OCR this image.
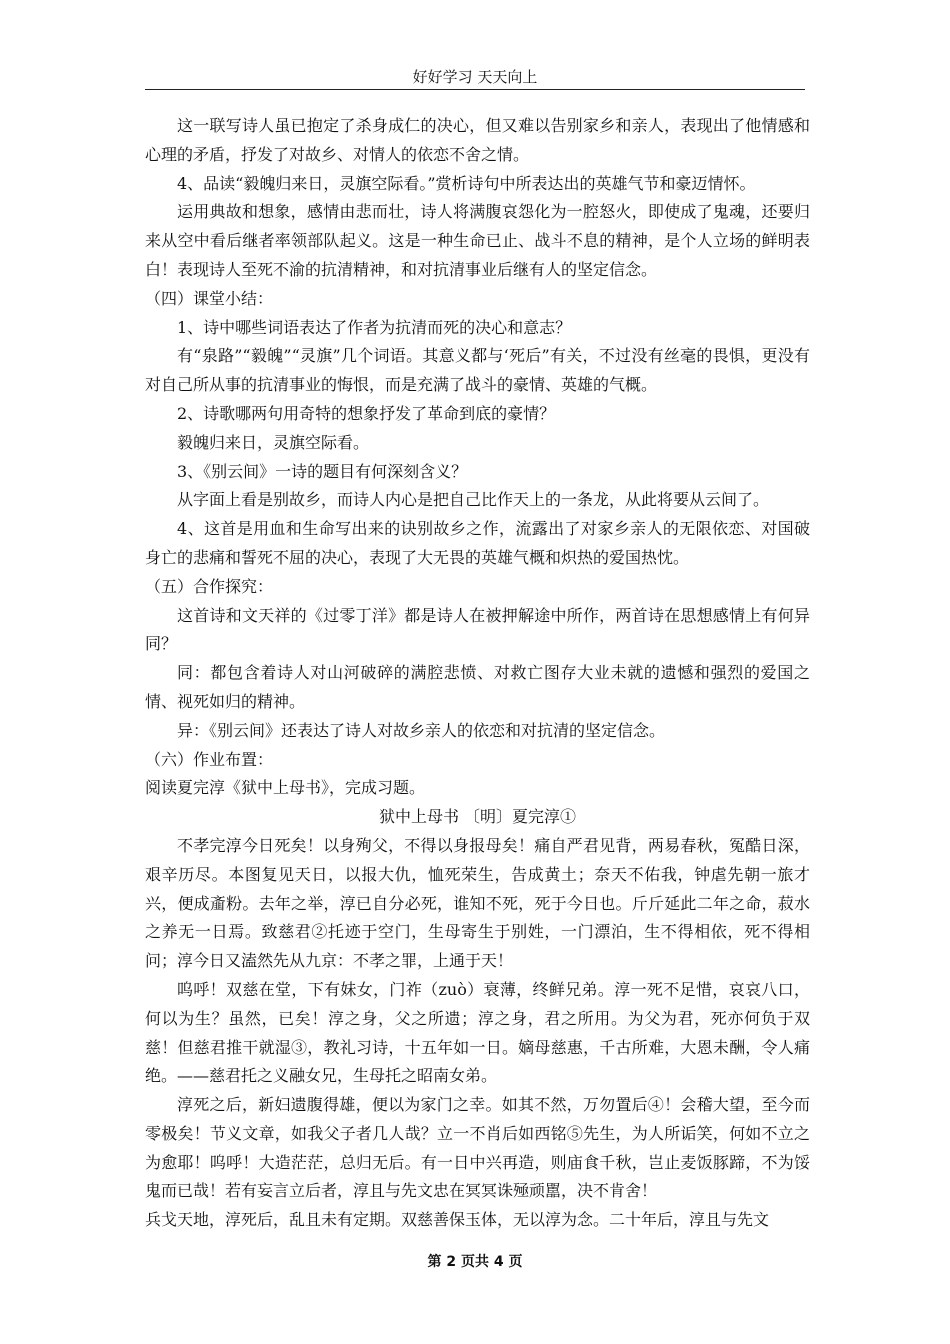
好好学习 天天向上

这一联写诗人虽已抱定了杀身成仁的决心，但又难以告别家乡和亲人，表现出了他情感和心理的矛盾，抒发了对故乡、对情人的依恋不舍之情。

4、品读“毅魄归来日，灵旗空际看。”赏析诗句中所表达出的英雄气节和豪迈情怀。

运用典故和想象，感情由悲而壮，诗人将满腹哀怨化为一腔怒火，即使成了鬼魂，还要归来从空中看后继者率领部队起义。这是一种生命已止、战斗不息的精神，是个人立场的鲜明表白！表现诗人至死不渝的抗清精神，和对抗清事业后继有人的坚定信念。

（四）课堂小结：

1、诗中哪些词语表达了作者为抗清而死的决心和意志？

有“泉路”“毅魄”“灵旗”几个词语。其意义都与‘死后”有关，不过没有丝毫的畏惧，更没有对自己所从事的抗清事业的悔恨，而是充满了战斗的豪情、英雄的气概。

2、诗歌哪两句用奇特的想象抒发了革命到底的豪情？

毅魄归来日，灵旗空际看。

3、《别云间》一诗的题目有何深刻含义？

从字面上看是别故乡，而诗人内心是把自己比作天上的一条龙，从此将要从云间了。

4、这首是用血和生命写出来的诀别故乡之作，流露出了对家乡亲人的无限依恋、对国破身亡的悲痛和誓死不屈的决心，表现了大无畏的英雄气概和炽热的爱国热忱。

（五）合作探究：

这首诗和文天祥的《过零丁洋》都是诗人在被押解途中所作，两首诗在思想感情上有何异同？

同：都包含着诗人对山河破碎的满腔悲愤、对救亡图存大业未就的遗憾和强烈的爱国之情、视死如归的精神。

异：《别云间》还表达了诗人对故乡亲人的依恋和对抗清的坚定信念。

（六）作业布置：

阅读夏完淳《狱中上母书》，完成习题。

狱中上母书 〔明〕夏完淳①

不孝完淳今日死矣！以身殉父，不得以身报母矣！痛自严君见背，两易春秋，冤酷日深，艰辛历尽。本图复见天日，以报大仇，恤死荣生，告成黄土；奈天不佑我，钟虐先朝一旅才兴，便成齑粉。去年之举，淳已自分必死，谁知不死，死于今日也。斤斤延此二年之命，菽水之养无一日焉。致慈君②托迹于空门，生母寄生于别姓，一门漂泊，生不得相依，死不得相问；淳今日又溘然先从九京：不孝之罪，上通于天！

呜呼！双慈在堂，下有妹女，门祚（zuò）衰薄，终鲜兄弟。淳一死不足惜，哀哀八口，何以为生？虽然，已矣！淳之身，父之所遗；淳之身，君之所用。为父为君，死亦何负于双慈！但慈君推干就湿③，教礼习诗，十五年如一日。嫡母慈惠，千古所难，大恩未酬，令人痛绝。——慈君托之义融女兄，生母托之昭南女弟。

淳死之后，新妇遗腹得雄，便以为家门之幸。如其不然，万勿置后④！会稽大望，至今而零极矣！节义文章，如我父子者几人哉？立一不肖后如西铭⑤先生，为人所诟笑，何如不立之为愈耶！呜呼！大造茫茫，总归无后。有一日中兴再造，则庙食千秋，岂止麦饭豚蹄，不为馁鬼而已哉！若有妄言立后者，淳且与先文忠在冥冥诛殛顽嚚，决不肯舍！

兵戈天地，淳死后，乱且未有定期。双慈善保玉体，无以淳为念。二十年后，淳且与先文

第 2 页共 4 页
